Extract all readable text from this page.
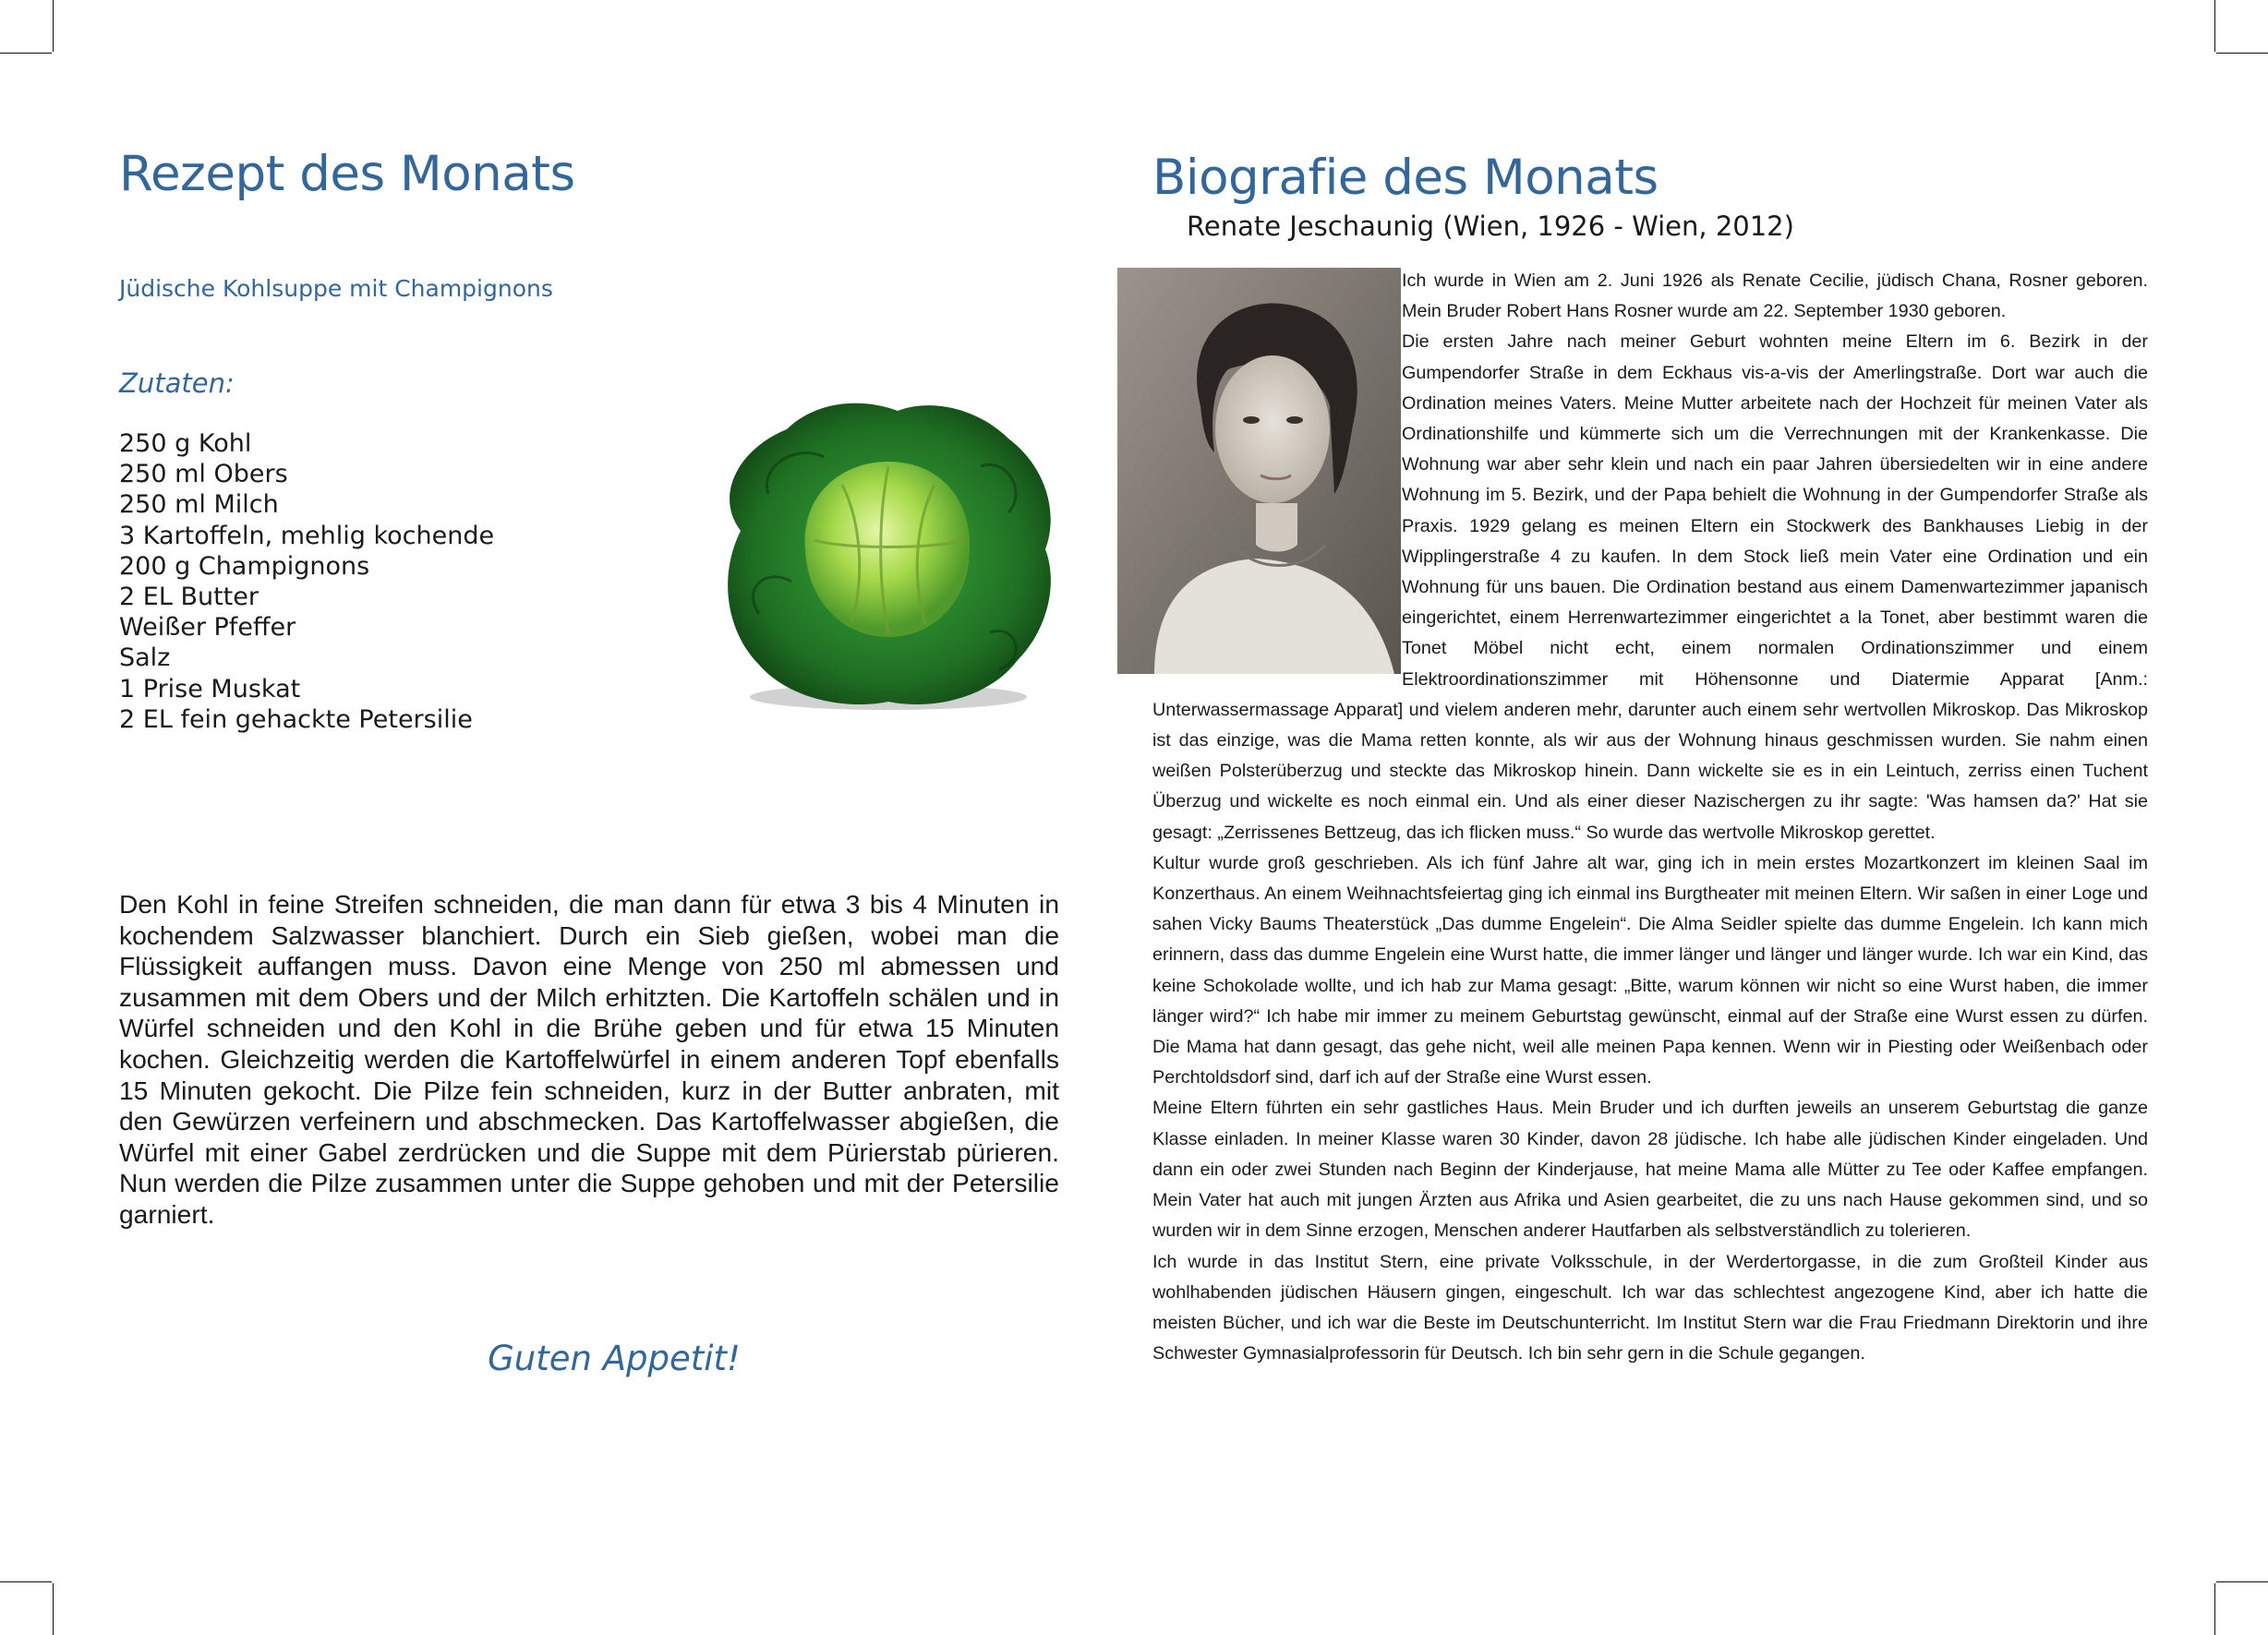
Rezept des Monats

Jüdische Kohlsuppe mit Champignons

Zutaten:

250 g Kohl
250 ml Obers
250 ml Milch
3 Kartoffeln, mehlig kochende
200 g Champignons
2 EL Butter
Weißer Pfeffer
Salz
1 Prise Muskat
2 EL fein gehackte Petersilie

Den Kohl in feine Streifen schneiden, die man dann für etwa 3 bis 4 Minuten in kochendem Salzwasser blanchiert. Durch ein Sieb gießen, wobei man die Flüssigkeit auffangen muss. Davon eine Menge von 250 ml abmessen und zusammen mit dem Obers und der Milch erhitzten. Die Kartoffeln schälen und in Würfel schneiden und den Kohl in die Brühe geben und für etwa 15 Minuten kochen. Gleichzeitig werden die Kartoffelwürfel in einem anderen Topf ebenfalls 15 Minuten gekocht. Die Pilze fein schneiden, kurz in der Butter anbraten, mit den Gewürzen verfeinern und abschmecken. Das Kartoffelwasser abgießen, die Würfel mit einer Gabel zerdrücken und die Suppe mit dem Pürierstab pürieren. Nun werden die Pilze zusammen unter die Suppe gehoben und mit der Petersilie garniert.

Guten Appetit!

Biografie des Monats

Renate Jeschaunig (Wien, 1926 - Wien, 2012)

Ich wurde in Wien am 2. Juni 1926 als Renate Cecilie, jüdisch Chana, Rosner geboren. Mein Bruder Robert Hans Rosner wurde am 22. September 1930 geboren.

Die ersten Jahre nach meiner Geburt wohnten meine Eltern im 6. Bezirk in der Gumpendorfer Straße in dem Eckhaus vis-a-vis der Amerlingstraße. Dort war auch die Ordination meines Vaters. Meine Mutter arbeitete nach der Hochzeit für meinen Vater als Ordinationshilfe und kümmerte sich um die Verrechnungen mit der Krankenkasse. Die Wohnung war aber sehr klein und nach ein paar Jahren übersiedelten wir in eine andere Wohnung im 5. Bezirk, und der Papa behielt die Wohnung in der Gumpendorfer Straße als Praxis. 1929 gelang es meinen Eltern ein Stockwerk des Bankhauses Liebig in der Wipplingerstraße 4 zu kaufen. In dem Stock ließ mein Vater eine Ordination und ein Wohnung für uns bauen. Die Ordination bestand aus einem Damenwartezimmer japanisch eingerichtet, einem Herrenwartezimmer eingerichtet a la Tonet, aber bestimmt waren die Tonet Möbel nicht echt, einem normalen Ordinationszimmer und einem Elektroordinationszimmer mit Höhensonne und Diatermie Apparat [Anm.: Unterwassermassage Apparat] und vielem anderen mehr, darunter auch einem sehr wertvollen Mikroskop. Das Mikroskop ist das einzige, was die Mama retten konnte, als wir aus der Wohnung hinaus geschmissen wurden. Sie nahm einen weißen Polsterüberzug und steckte das Mikroskop hinein. Dann wickelte sie es in ein Leintuch, zerriss einen Tuchent Überzug und wickelte es noch einmal ein. Und als einer dieser Nazischergen zu ihr sagte: 'Was hamsen da?' Hat sie gesagt: „Zerrissenes Bettzeug, das ich flicken muss.“ So wurde das wertvolle Mikroskop gerettet.

Kultur wurde groß geschrieben. Als ich fünf Jahre alt war, ging ich in mein erstes Mozartkonzert im kleinen Saal im Konzerthaus. An einem Weihnachtsfeiertag ging ich einmal ins Burgtheater mit meinen Eltern. Wir saßen in einer Loge und sahen Vicky Baums Theaterstück „Das dumme Engelein“. Die Alma Seidler spielte das dumme Engelein. Ich kann mich erinnern, dass das dumme Engelein eine Wurst hatte, die immer länger und länger und länger wurde. Ich war ein Kind, das keine Schokolade wollte, und ich hab zur Mama gesagt: „Bitte, warum können wir nicht so eine Wurst haben, die immer länger wird?“ Ich habe mir immer zu meinem Geburtstag gewünscht, einmal auf der Straße eine Wurst essen zu dürfen. Die Mama hat dann gesagt, das gehe nicht, weil alle meinen Papa kennen. Wenn wir in Piesting oder Weißenbach oder Perchtoldsdorf sind, darf ich auf der Straße eine Wurst essen.

Meine Eltern führten ein sehr gastliches Haus. Mein Bruder und ich durften jeweils an unserem Geburtstag die ganze Klasse einladen. In meiner Klasse waren 30 Kinder, davon 28 jüdische. Ich habe alle jüdischen Kinder eingeladen. Und dann ein oder zwei Stunden nach Beginn der Kinderjause, hat meine Mama alle Mütter zu Tee oder Kaffee empfangen. Mein Vater hat auch mit jungen Ärzten aus Afrika und Asien gearbeitet, die zu uns nach Hause gekommen sind, und so wurden wir in dem Sinne erzogen, Menschen anderer Hautfarben als selbstverständlich zu tolerieren.

Ich wurde in das Institut Stern, eine private Volksschule, in der Werdertorgasse, in die zum Großteil Kinder aus wohlhabenden jüdischen Häusern gingen, eingeschult. Ich war das schlechtest angezogene Kind, aber ich hatte die meisten Bücher, und ich war die Beste im Deutschunterricht. Im Institut Stern war die Frau Friedmann Direktorin und ihre Schwester Gymnasialprofessorin für Deutsch. Ich bin sehr gern in die Schule gegangen.
